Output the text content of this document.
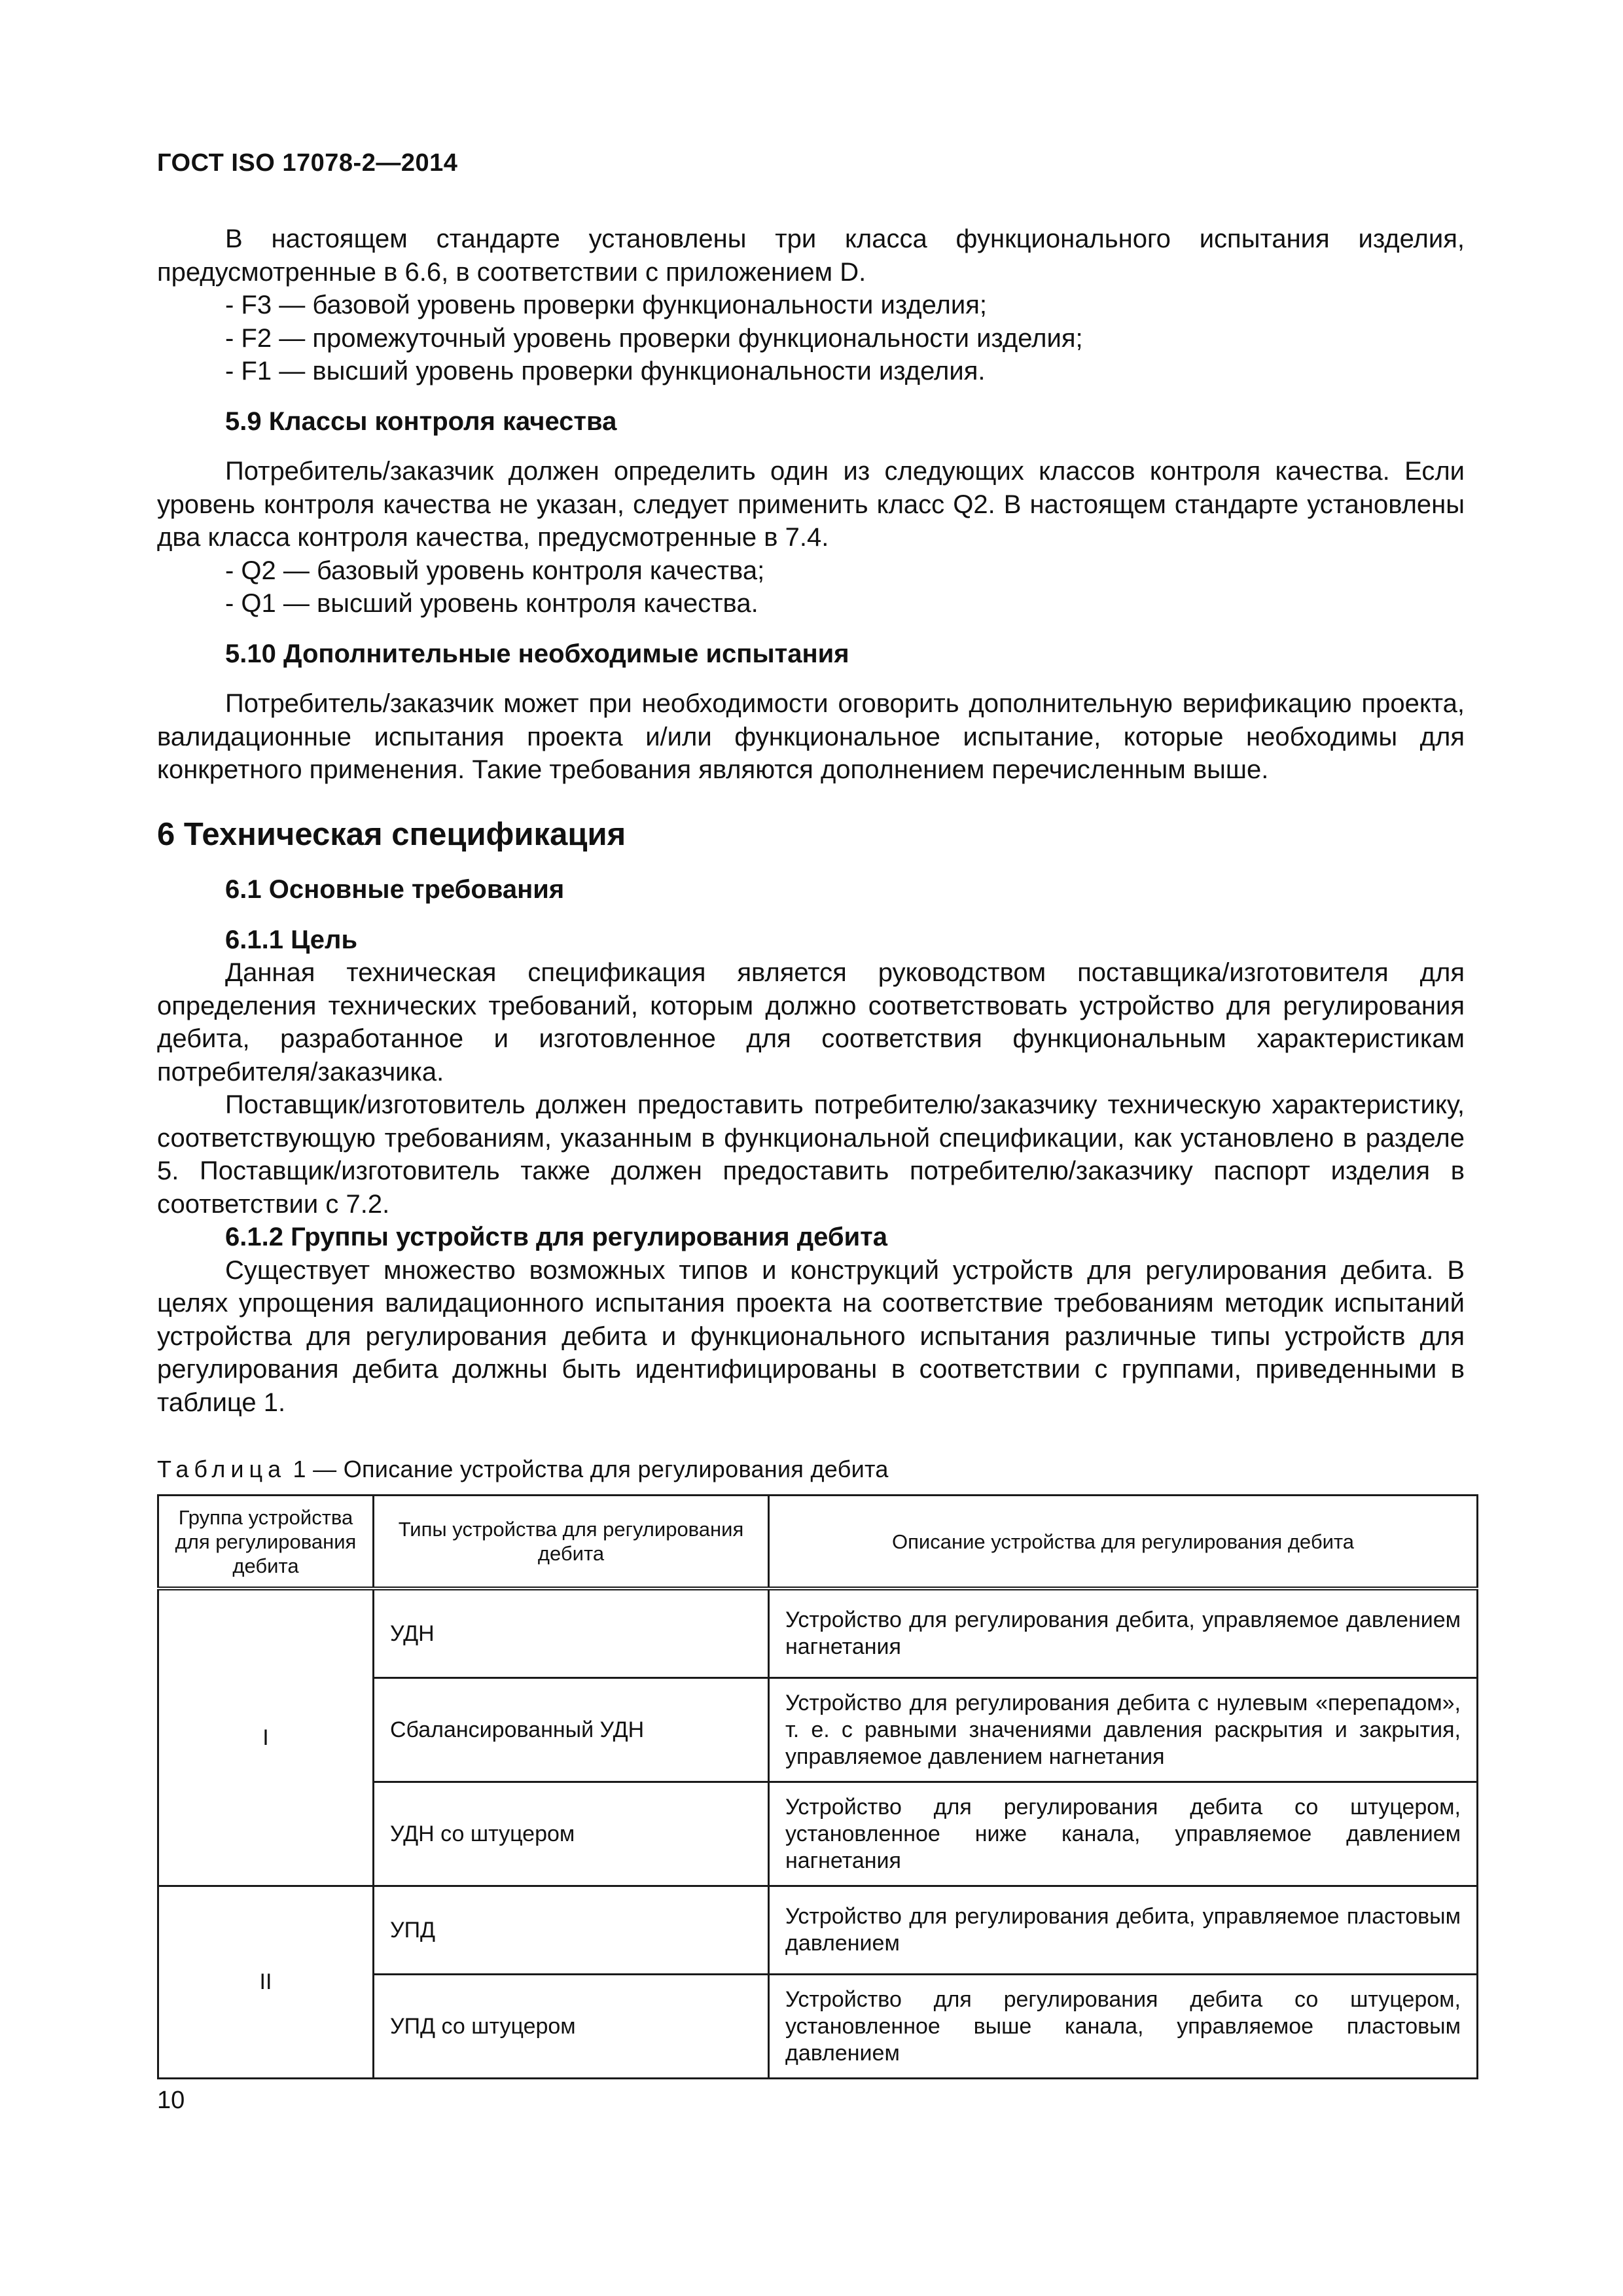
ГОСТ ISO 17078-2—2014

В настоящем стандарте установлены три класса функционального испытания изделия, предусмотренные в 6.6, в соответствии с приложением D.

- F3 — базовой уровень проверки функциональности изделия;

- F2 — промежуточный уровень проверки функциональности изделия;

- F1 — высший уровень проверки функциональности изделия.

5.9 Классы контроля качества

Потребитель/заказчик должен определить один из следующих классов контроля качества. Если уровень контроля качества не указан, следует применить класс Q2. В настоящем стандарте установлены два класса контроля качества, предусмотренные в 7.4.

- Q2 — базовый уровень контроля качества;

- Q1 — высший уровень контроля качества.

5.10 Дополнительные необходимые испытания

Потребитель/заказчик может при необходимости оговорить дополнительную верификацию проекта, валидационные испытания проекта и/или функциональное испытание, которые необходимы для конкретного применения. Такие требования являются дополнением перечисленным выше.

6 Техническая спецификация

6.1 Основные требования

6.1.1 Цель

Данная техническая спецификация является руководством поставщика/изготовителя для определения технических требований, которым должно соответствовать устройство для регулирования дебита, разработанное и изготовленное для соответствия функциональным характеристикам потребителя/заказчика.

Поставщик/изготовитель должен предоставить потребителю/заказчику техническую характеристику, соответствующую требованиям, указанным в функциональной спецификации, как установлено в разделе 5. Поставщик/изготовитель также должен предоставить потребителю/заказчику паспорт изделия в соответствии с 7.2.

6.1.2 Группы устройств для регулирования дебита

Существует множество возможных типов и конструкций устройств для регулирования дебита. В целях упрощения валидационного испытания проекта на соответствие требованиям методик испытаний устройства для регулирования дебита и функционального испытания различные типы устройств для регулирования дебита должны быть идентифицированы в соответствии с группами, приведенными в таблице 1.

Таблица 1 — Описание устройства для регулирования дебита

Группа устройства для регулирования дебита	Типы устройства для регулирования дебита	Описание устройства для регулирования дебита
I	УДН	Устройство для регулирования дебита, управляемое давлением нагнетания
	Сбалансированный УДН	Устройство для регулирования дебита с нулевым «перепадом», т. е. с равными значениями давления раскрытия и закрытия, управляемое давлением нагнетания
	УДН со штуцером	Устройство для регулирования дебита со штуцером, установленное ниже канала, управляемое давлением нагнетания
II	УПД	Устройство для регулирования дебита, управляемое пластовым давлением
	УПД со штуцером	Устройство для регулирования дебита со штуцером, установленное выше канала, управляемое пластовым давлением
10
